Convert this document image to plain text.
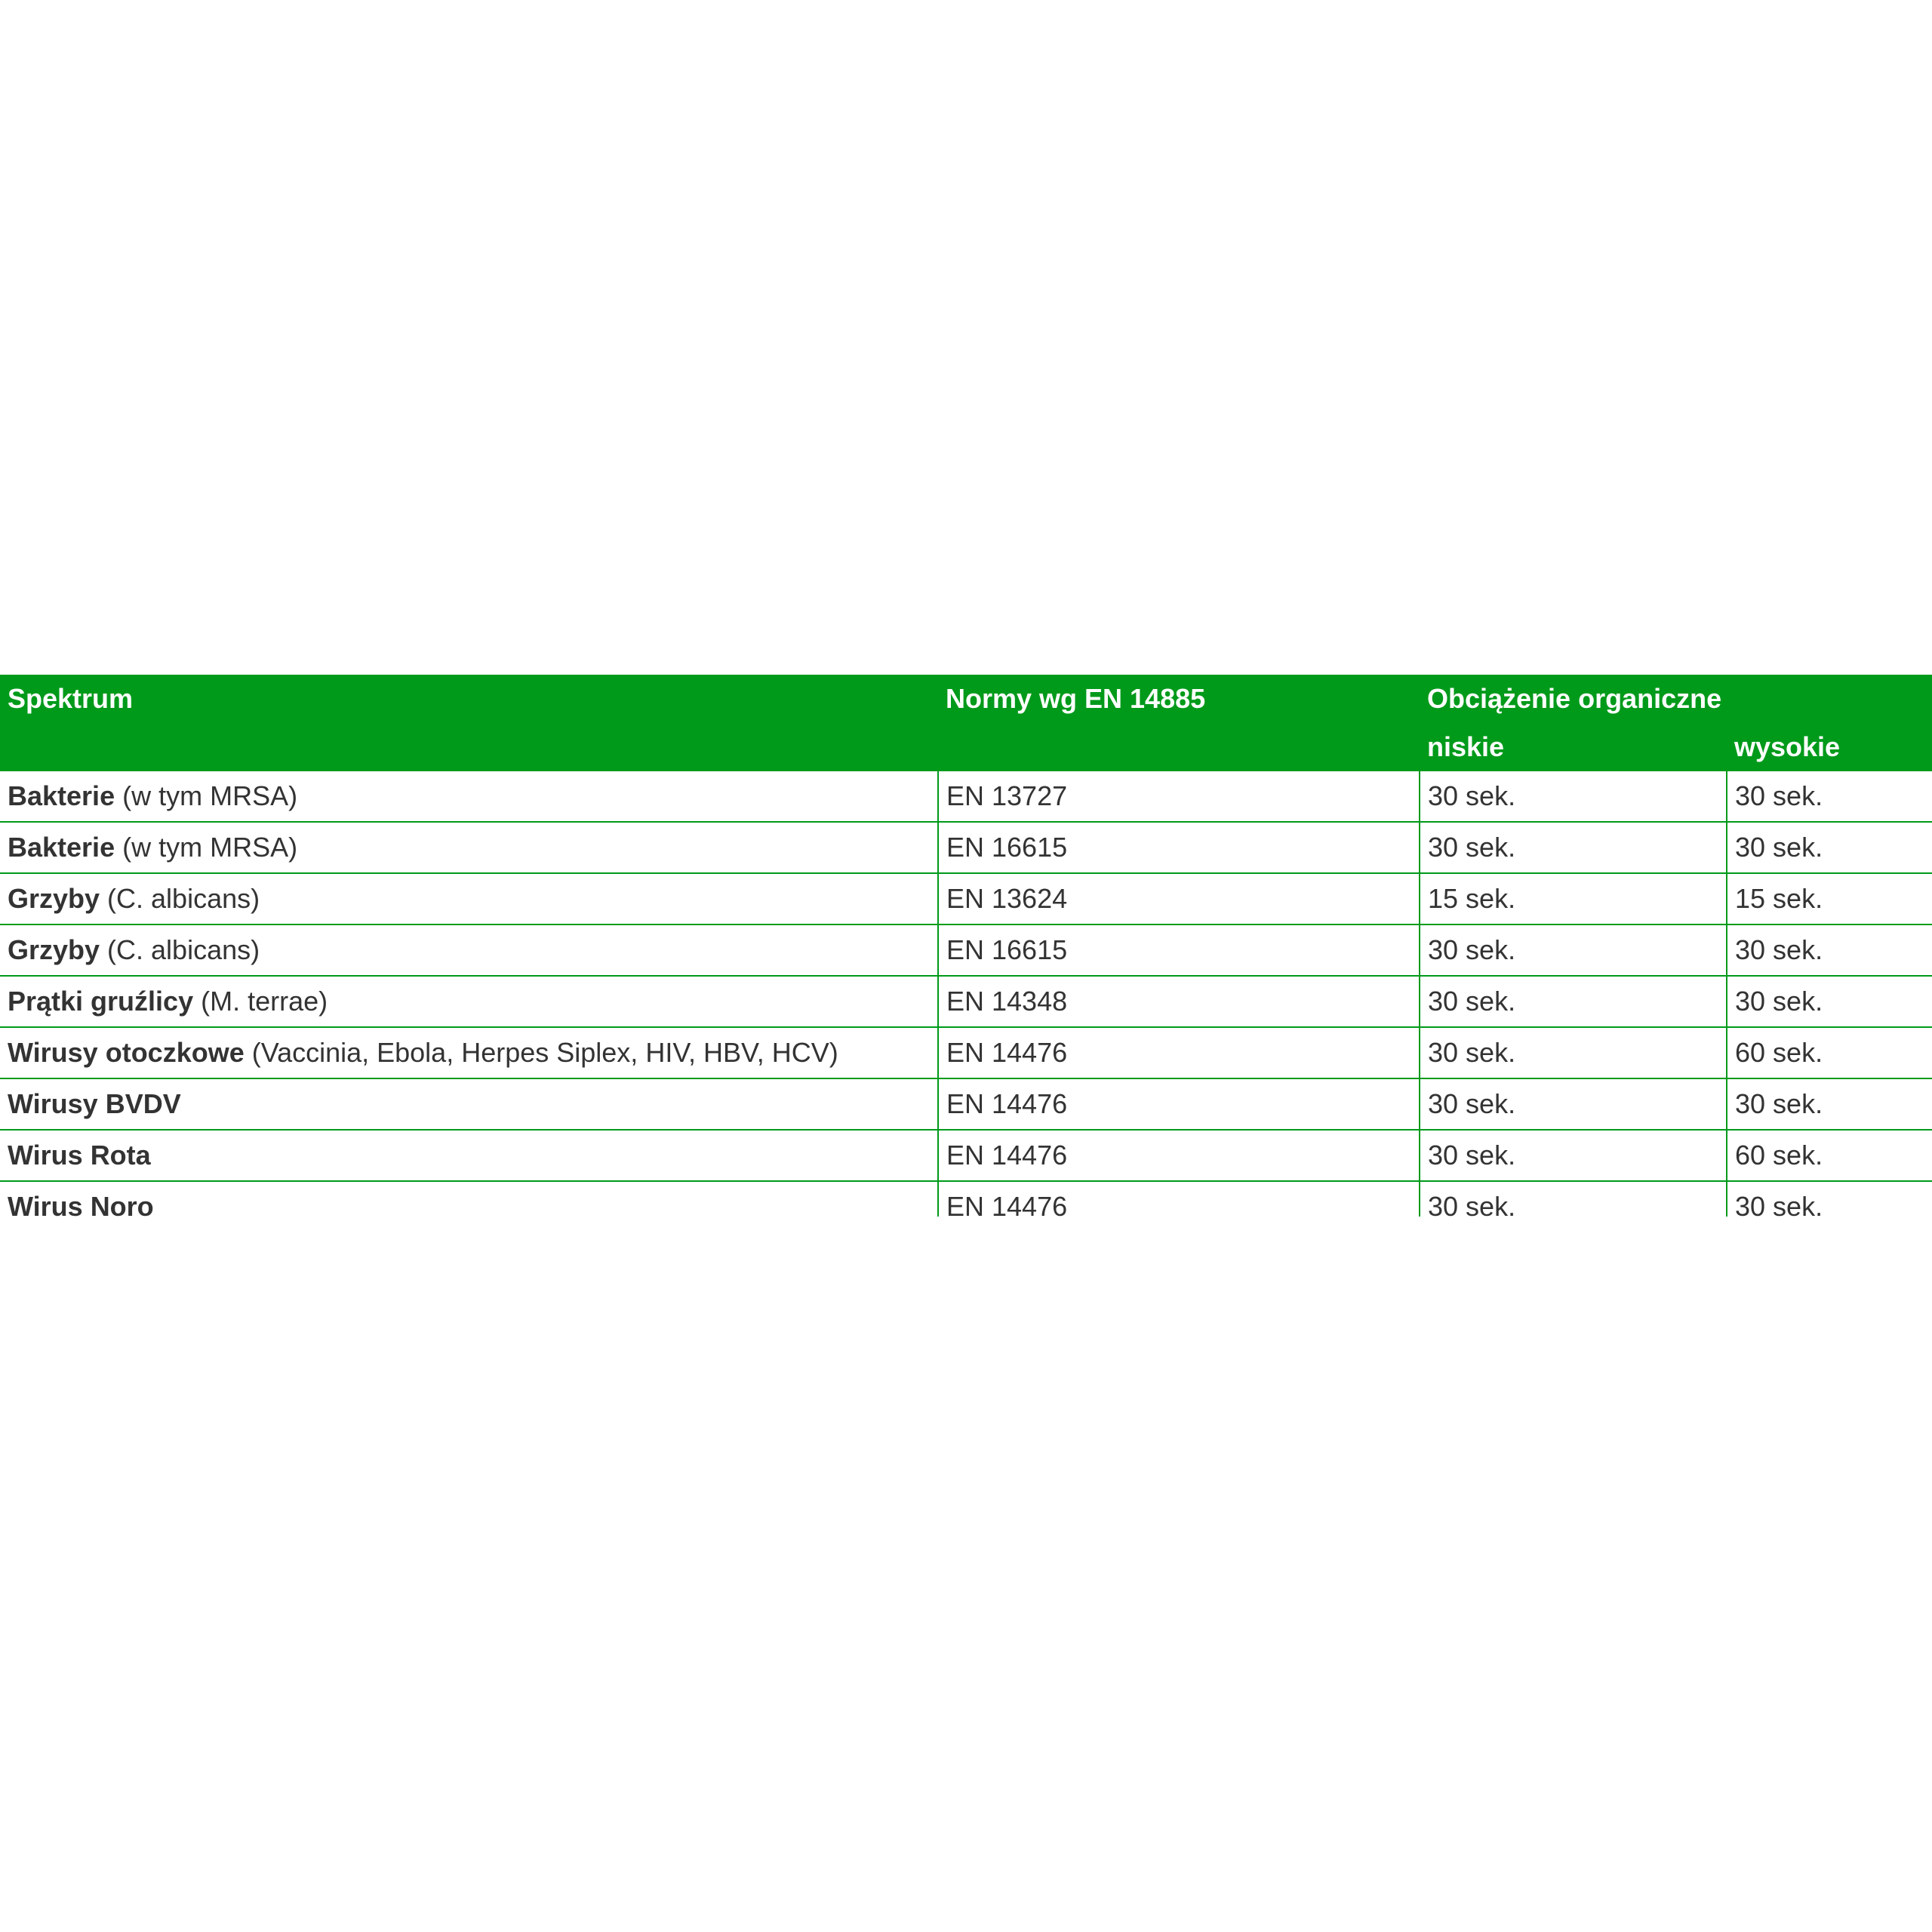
Spektrum	Normy wg EN 14885	Obciążenie organiczne	
		niskie	wysokie
Bakterie (w tym MRSA)	EN 13727	30 sek.	30 sek.
Bakterie (w tym MRSA)	EN 16615	30 sek.	30 sek.
Grzyby (C. albicans)	EN 13624	15 sek.	15 sek.
Grzyby (C. albicans)	EN 16615	30 sek.	30 sek.
Prątki gruźlicy (M. terrae)	EN 14348	30 sek.	30 sek.
Wirusy otoczkowe (Vaccinia, Ebola, Herpes Siplex, HIV, HBV, HCV)	EN 14476	30 sek.	60 sek.
Wirusy BVDV	EN 14476	30 sek.	30 sek.
Wirus Rota	EN 14476	30 sek.	60 sek.
Wirus Noro	EN 14476	30 sek.	30 sek.
